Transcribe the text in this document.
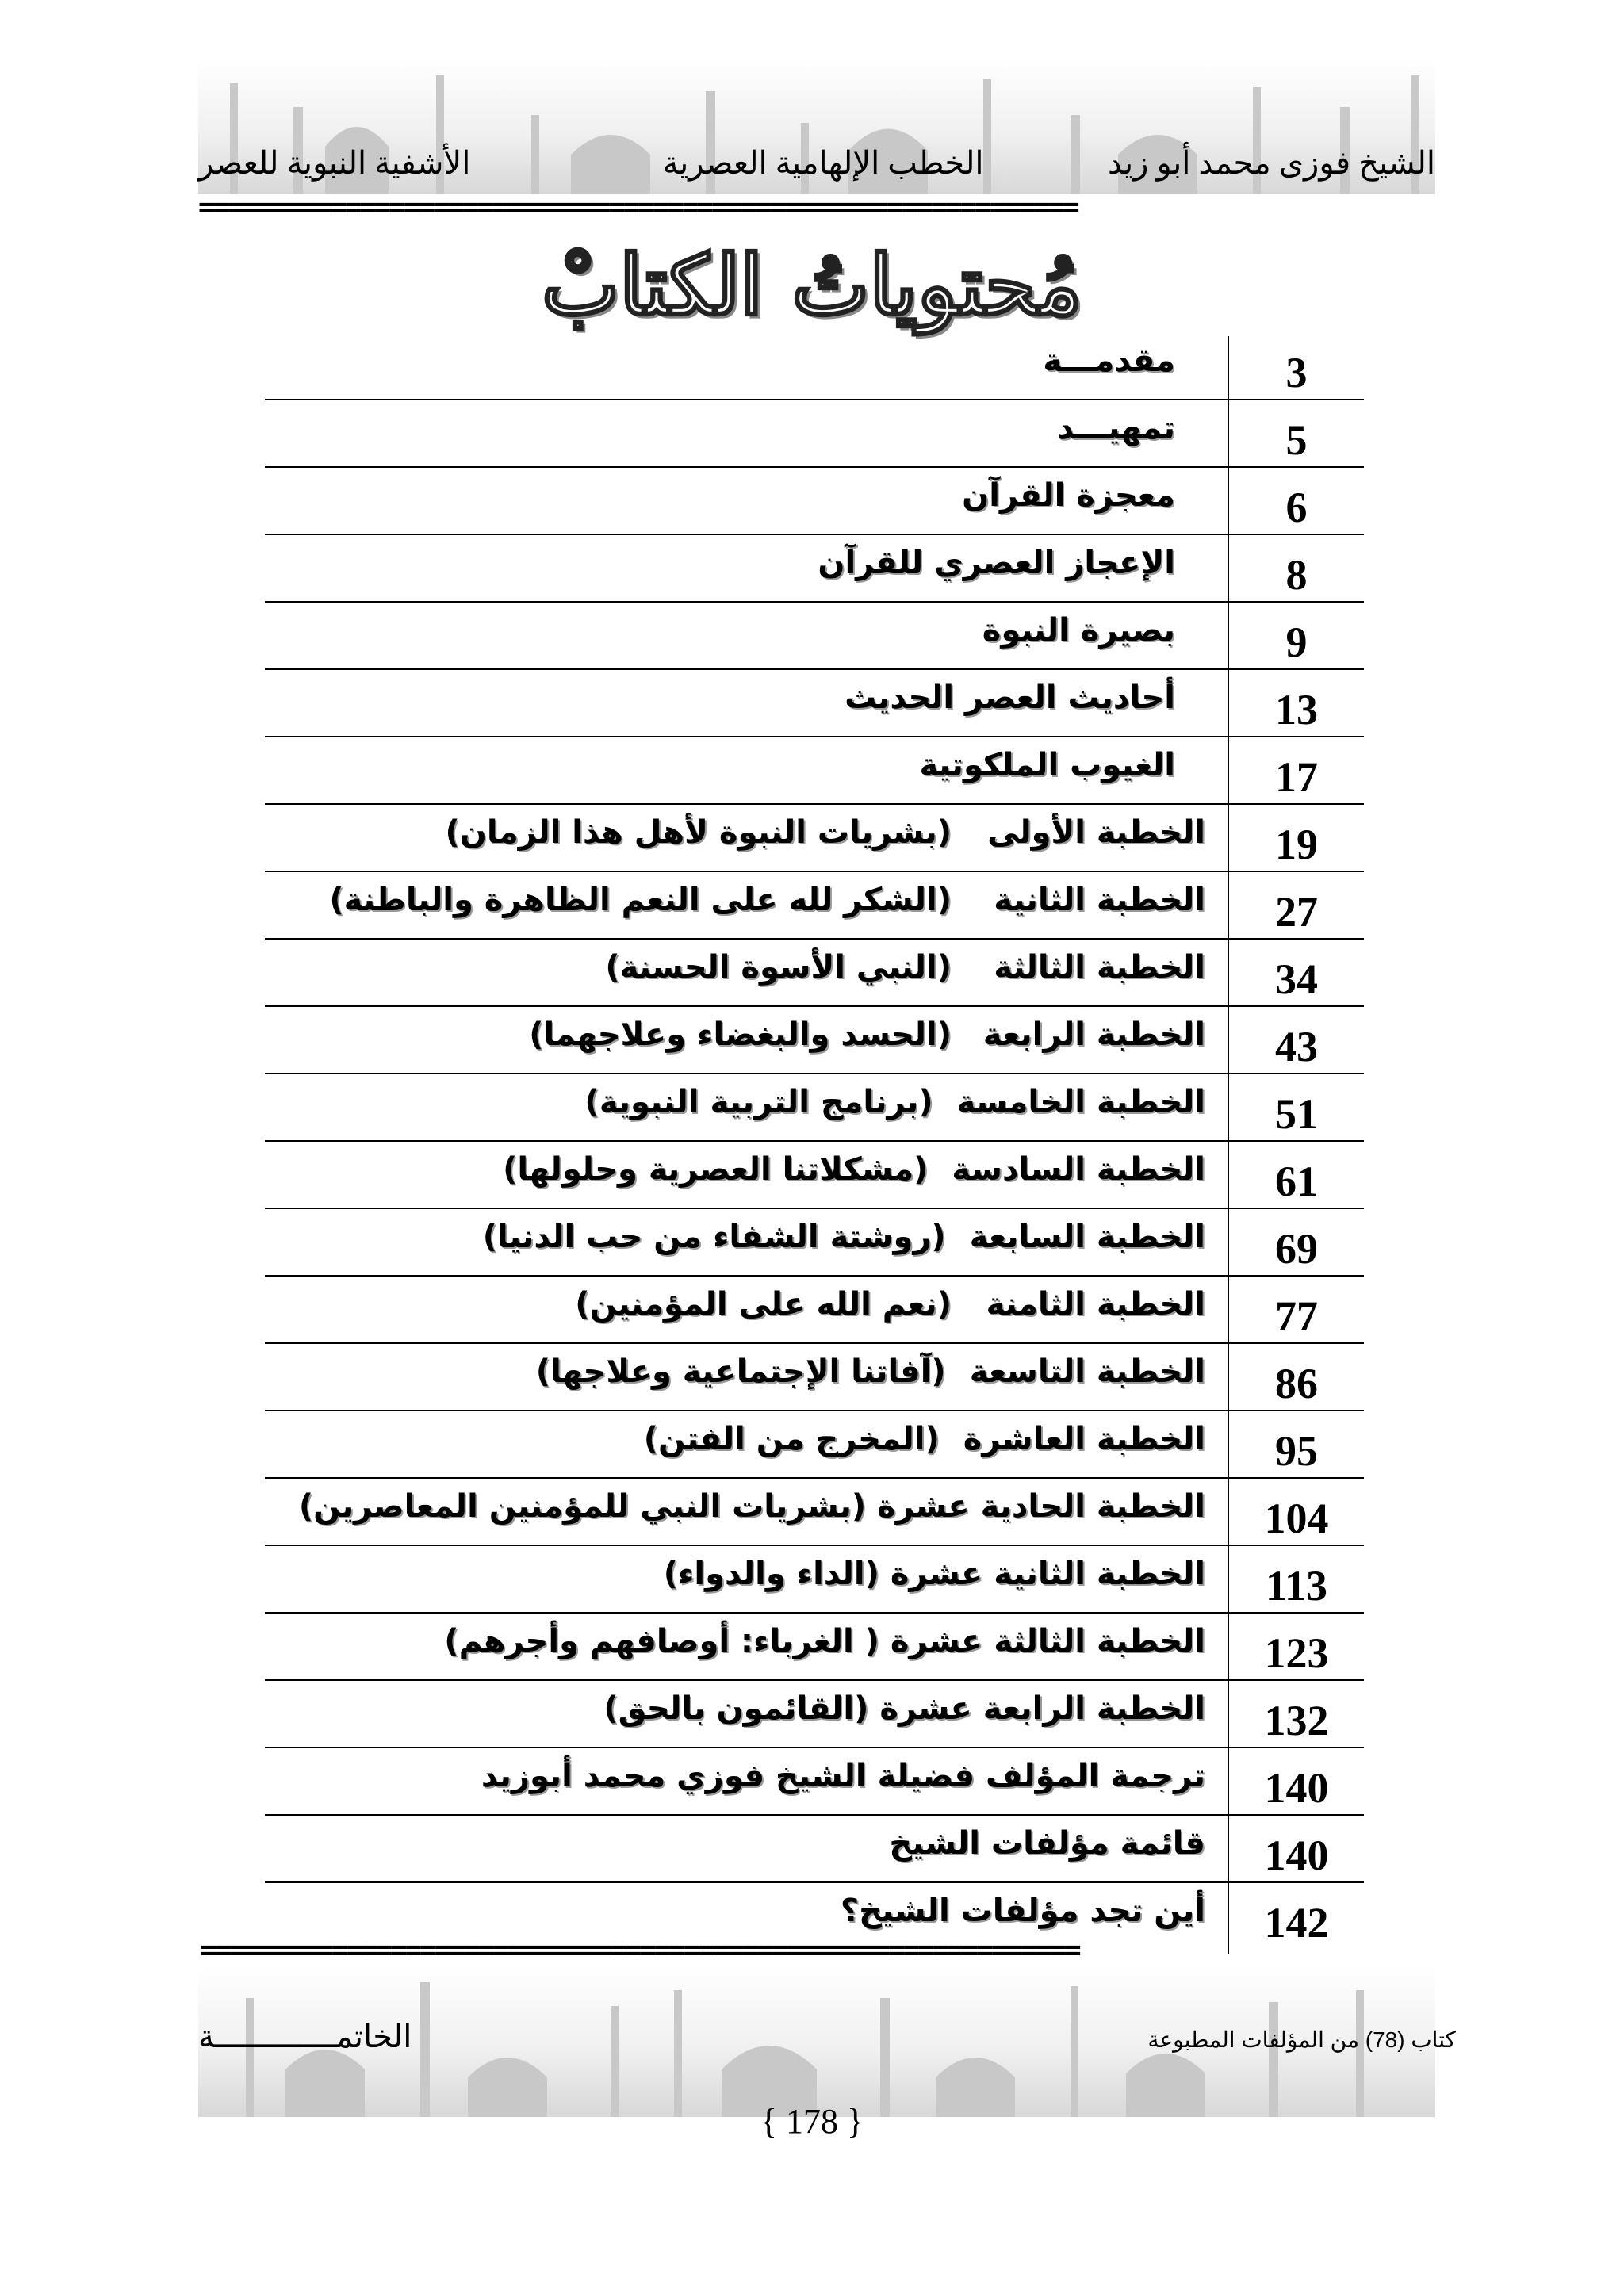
الشيخ فوزى محمد أبو زيد
الخطب الإلهامية العصرية
الأشفية النبوية للعصر
============================================================
مُحتوياتُ الكتابْ
3
مقدمـــة
5
تمهيـــد
6
معجزة القرآن
8
الإعجاز العصري للقرآن
9
بصيرة النبوة
13
أحاديث العصر الحديث
17
الغيوب الملكوتية
19
الخطبة الأولى(بشريات النبوة لأهل هذا الزمان)
27
الخطبة الثانية(الشكر لله على النعم الظاهرة والباطنة)
34
الخطبة الثالثة(النبي الأسوة الحسنة)
43
الخطبة الرابعة(الحسد والبغضاء وعلاجهما)
51
الخطبة الخامسة(برنامج التربية النبوية)
61
الخطبة السادسة(مشكلاتنا العصرية وحلولها)
69
الخطبة السابعة(روشتة الشفاء من حب الدنيا)
77
الخطبة الثامنة(نعم الله على المؤمنين)
86
الخطبة التاسعة(آفاتنا الإجتماعية وعلاجها)
95
الخطبة العاشرة(المخرج من الفتن)
104
الخطبة الحادية عشرة (بشريات النبي للمؤمنين المعاصرين)
113
الخطبة الثانية عشرة (الداء والدواء)
123
الخطبة الثالثة عشرة ( الغرباء: أوصافهم وأجرهم)
132
الخطبة الرابعة عشرة (القائمون بالحق)
140
ترجمة المؤلف فضيلة الشيخ فوزي محمد أبوزيد
140
قائمة مؤلفات الشيخ
142
أين تجد مؤلفات الشيخ؟
============================================================
الخاتمـــــــــــــة	كتاب (78) من المؤلفات المطبوعة
{ 178 }
